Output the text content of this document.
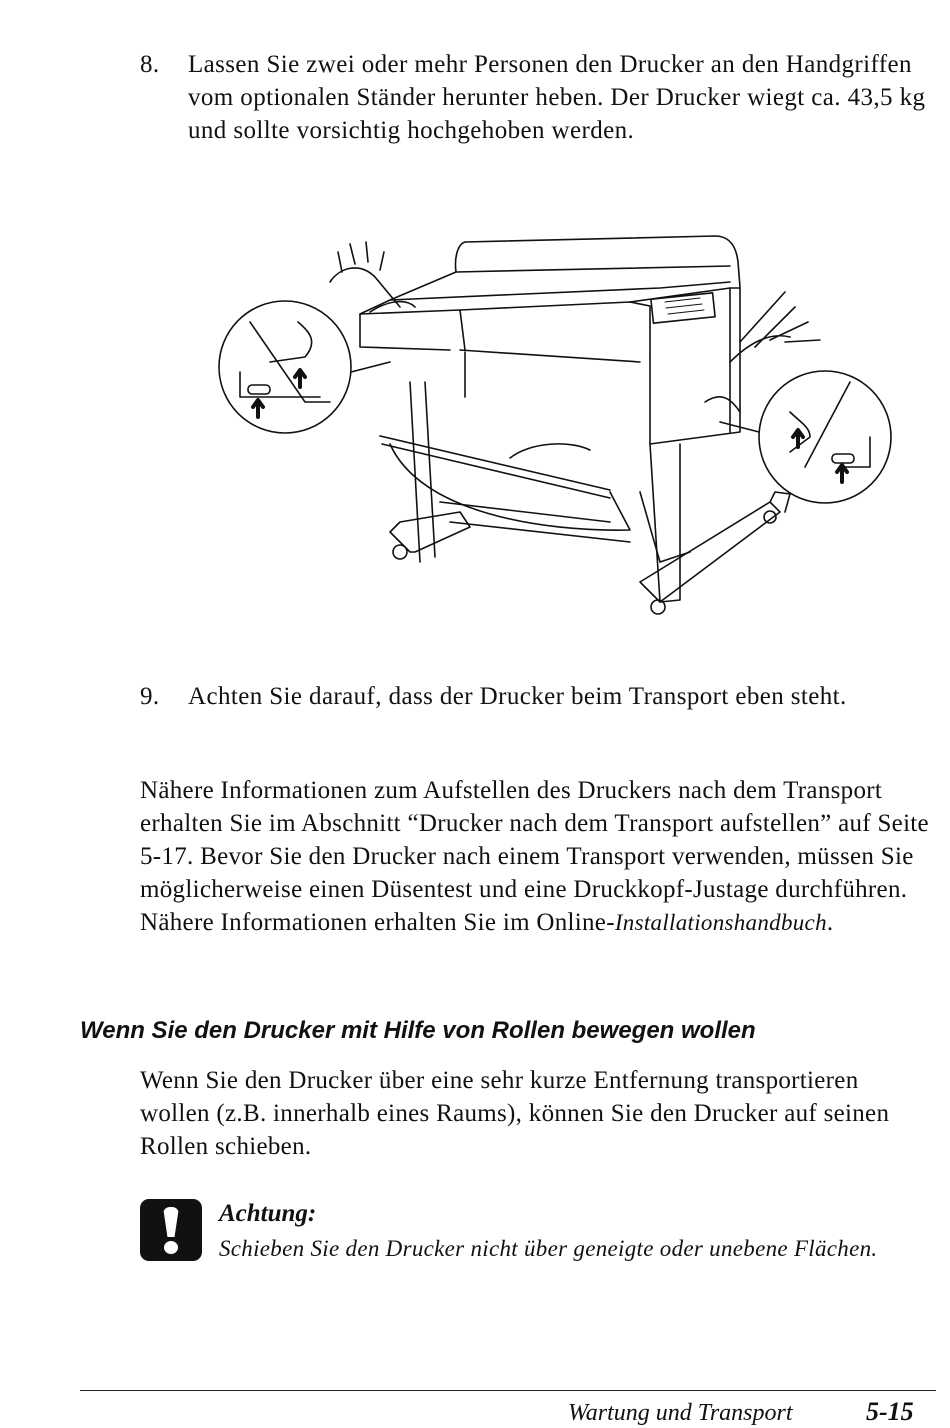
8. Lassen Sie zwei oder mehr Personen den Drucker an den Handgriffen vom optionalen Ständer herunter heben. Der Drucker wiegt ca. 43,5 kg und sollte vorsichtig hochgehoben werden.
9. Achten Sie darauf, dass der Drucker beim Transport eben steht.
Nähere Informationen zum Aufstellen des Druckers nach dem Transport erhalten Sie im Abschnitt “Drucker nach dem Transport aufstellen” auf Seite 5-17. Bevor Sie den Drucker nach einem Transport verwenden, müssen Sie möglicherweise einen Düsentest und eine Druckkopf-Justage durchführen. Nähere Informationen erhalten Sie im Online-Installationshandbuch.
Wenn Sie den Drucker mit Hilfe von Rollen bewegen wollen
Wenn Sie den Drucker über eine sehr kurze Entfernung transportieren wollen (z.B. innerhalb eines Raums), können Sie den Drucker auf seinen Rollen schieben.
Achtung:
Schieben Sie den Drucker nicht über geneigte oder unebene Flächen.
Wartung und Transport	5-15
